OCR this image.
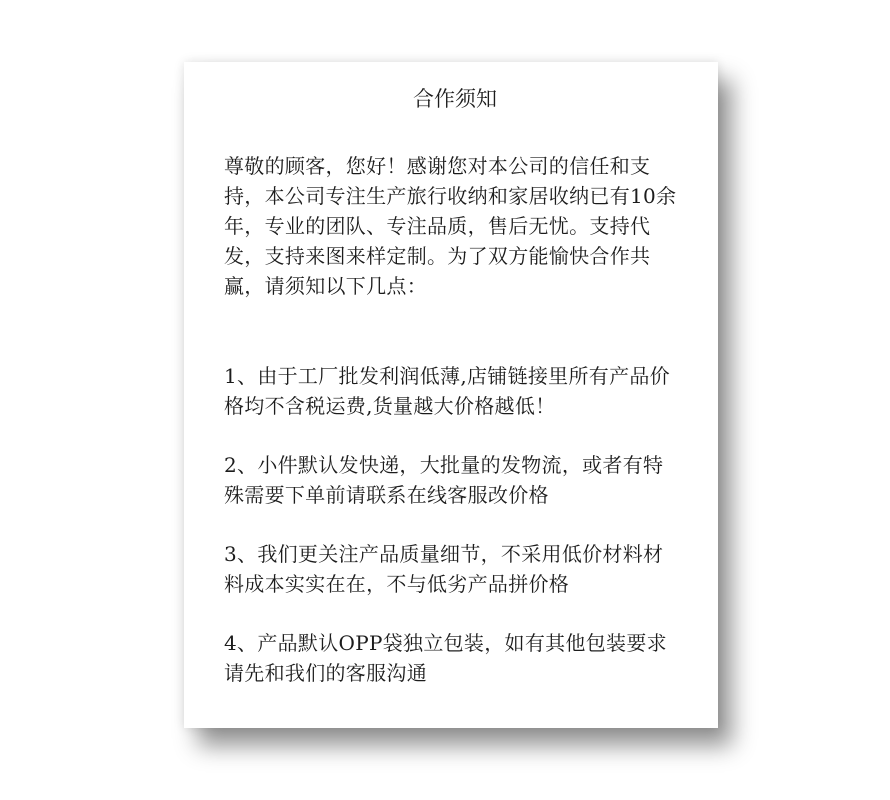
合作须知

尊敬的顾客，您好！感谢您对本公司的信任和支持，本公司专注生产旅行收纳和家居收纳已有10余年，专业的团队、专注品质，售后无忧。支持代发，支持来图来样定制。为了双方能愉快合作共赢，请须知以下几点：

1、由于工厂批发利润低薄,店铺链接里所有产品价格均不含税运费,货量越大价格越低！

2、小件默认发快递，大批量的发物流，或者有特殊需要下单前请联系在线客服改价格

3、我们更关注产品质量细节，不采用低价材料材料成本实实在在，不与低劣产品拼价格

4、产品默认OPP袋独立包装，如有其他包装要求请先和我们的客服沟通
